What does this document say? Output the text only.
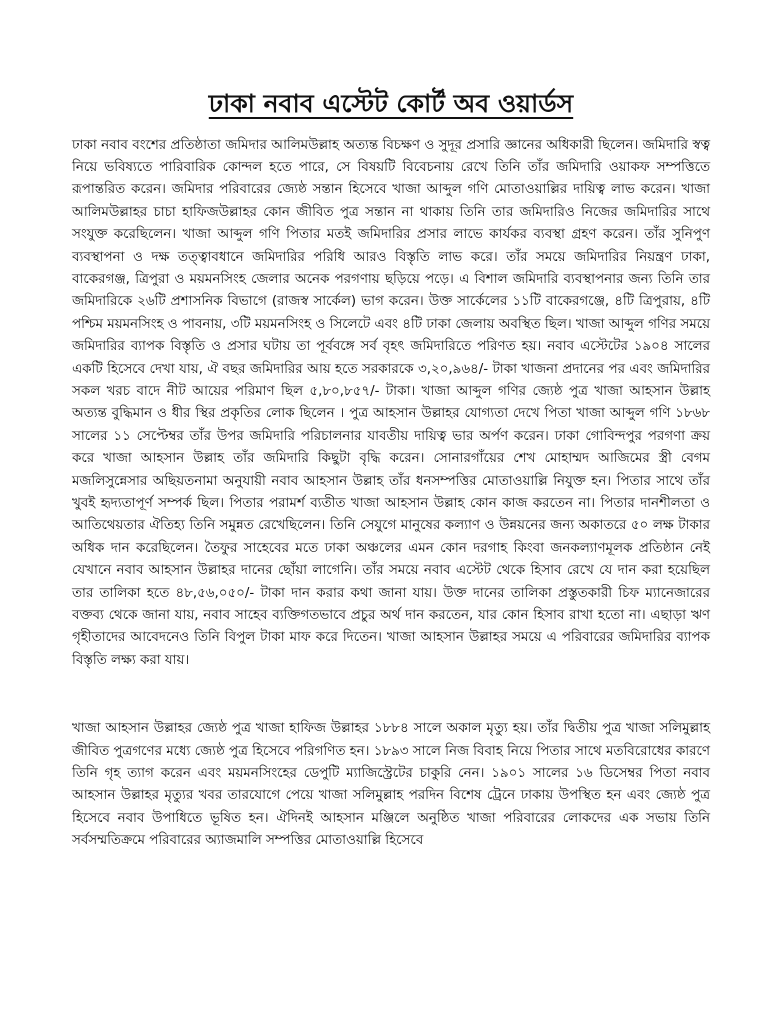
ঢাকা নবাব এস্টেট কোর্ট অব ওয়ার্ডস

ঢাকা নবাব বংশের প্রতিষ্ঠাতা জমিদার আলিমউল্লাহ অত্যন্ত বিচক্ষণ ও সুদূর প্রসারি জ্ঞানের অধিকারী ছিলেন। জমিদারি স্বত্ব নিয়ে ভবিষ্যতে পারিবারিক কোন্দল হতে পারে, সে বিষয়টি বিবেচনায় রেখে তিনি তাঁর জমিদারি ওয়াকফ সম্পত্তিতে রূপান্তরিত করেন। জমিদার পরিবারের জ্যেষ্ঠ সন্তান হিসেবে খাজা আব্দুল গণি মোতাওয়াল্লির দায়িত্ব লাভ করেন। খাজা আলিমউল্লাহর চাচা হাফিজউল্লাহর কোন জীবিত পুত্র সন্তান না থাকায় তিনি তার জমিদারিও নিজের জমিদারির সাথে সংযুক্ত করেছিলেন। খাজা আব্দুল গণি পিতার মতই জমিদারির প্রসার লাভে কার্যকর ব্যবস্থা গ্রহণ করেন। তাঁর সুনিপুণ ব্যবস্থাপনা ও দক্ষ তত্ত্বাবধানে জমিদারির পরিধি আরও বিস্তৃতি লাভ করে। তাঁর সময়ে জমিদারির নিয়ন্ত্রণ ঢাকা, বাকেরগঞ্জ, ত্রিপুরা ও ময়মনসিংহ জেলার অনেক পরগণায় ছড়িয়ে পড়ে। এ বিশাল জমিদারি ব্যবস্থাপনার জন্য তিনি তার জমিদারিকে ২৬টি প্রশাসনিক বিভাগে (রাজস্ব সার্কেল) ভাগ করেন। উক্ত সার্কেলের ১১টি বাকেরগঞ্জে, ৪টি ত্রিপুরায়, ৪টি পশ্চিম ময়মনসিংহ ও পাবনায়, ৩টি ময়মনসিংহ ও সিলেটে এবং ৪টি ঢাকা জেলায় অবস্থিত ছিল। খাজা আব্দুল গণির সময়ে জমিদারির ব্যাপক বিস্তৃতি ও প্রসার ঘটায় তা পূর্ববঙ্গে সর্ব বৃহৎ জমিদারিতে পরিণত হয়। নবাব এস্টেটের ১৯০৪ সালের একটি হিসেবে দেখা যায়, ঐ বছর জমিদারির আয় হতে সরকারকে ৩,২০,৯৬৪/- টাকা খাজনা প্রদানের পর এবং জমিদারির সকল খরচ বাদে নীট আয়ের পরিমাণ ছিল ৫,৮০,৮৫৭/- টাকা। খাজা আব্দুল গণির জ্যেষ্ঠ পুত্র খাজা আহসান উল্লাহ অত্যন্ত বুদ্ধিমান ও ধীর স্থির প্রকৃতির লোক ছিলেন । পুত্র আহসান উল্লাহর যোগ্যতা দেখে পিতা খাজা আব্দুল গণি ১৮৬৮ সালের ১১ সেপ্টেম্বর তাঁর উপর জমিদারি পরিচালনার যাবতীয় দায়িত্ব ভার অর্পণ করেন। ঢাকা গোবিন্দপুর পরগণা ক্রয় করে খাজা আহসান উল্লাহ তাঁর জমিদারি কিছুটা বৃদ্ধি করেন। সোনারগাঁয়ের শেখ মোহাম্মদ আজিমের স্ত্রী বেগম মজলিসুন্নেসার অছিয়তনামা অনুযায়ী নবাব আহসান উল্লাহ তাঁর ধনসম্পত্তির মোতাওয়াল্লি নিযুক্ত হন। পিতার সাথে তাঁর খুবই হৃদ্যতাপূর্ণ সম্পর্ক ছিল। পিতার পরামর্শ ব্যতীত খাজা আহসান উল্লাহ কোন কাজ করতেন না। পিতার দানশীলতা ও আতিথেয়তার ঐতিহ্য তিনি সমুন্নত রেখেছিলেন। তিনি সেযুগে মানুষের কল্যাণ ও উন্নয়নের জন্য অকাতরে ৫০ লক্ষ টাকার অধিক দান করেছিলেন। তৈফুর সাহেবের মতে ঢাকা অঞ্চলের এমন কোন দরগাহ কিংবা জনকল্যাণমূলক প্রতিষ্ঠান নেই যেখানে নবাব আহসান উল্লাহর দানের ছোঁয়া লাগেনি। তাঁর সময়ে নবাব এস্টেট থেকে হিসাব রেখে যে দান করা হয়েছিল তার তালিকা হতে ৪৮,৫৬,০৫০/- টাকা দান করার কথা জানা যায়। উক্ত দানের তালিকা প্রস্তুতকারী চিফ ম্যানেজারের বক্তব্য থেকে জানা যায়, নবাব সাহেব ব্যক্তিগতভাবে প্রচুর অর্থ দান করতেন, যার কোন হিসাব রাখা হতো না। এছাড়া ঋণ গৃহীতাদের আবেদনেও তিনি বিপুল টাকা মাফ করে দিতেন। খাজা আহসান উল্লাহর সময়ে এ পরিবারের জমিদারির ব্যাপক বিস্তৃতি লক্ষ্য করা যায়।

খাজা আহসান উল্লাহর জ্যেষ্ঠ পুত্র খাজা হাফিজ উল্লাহর ১৮৮৪ সালে অকাল মৃত্যু হয়। তাঁর দ্বিতীয় পুত্র খাজা সলিমুল্লাহ জীবিত পুত্রগণের মধ্যে জ্যেষ্ঠ পুত্র হিসেবে পরিগণিত হন। ১৮৯৩ সালে নিজ বিবাহ নিয়ে পিতার সাথে মতবিরোধের কারণে তিনি গৃহ ত্যাগ করেন এবং ময়মনসিংহের ডেপুটি ম্যাজিস্ট্রেটের চাকুরি নেন। ১৯০১ সালের ১৬ ডিসেম্বর পিতা নবাব আহসান উল্লাহর মৃত্যুর খবর তারযোগে পেয়ে খাজা সলিমুল্লাহ পরদিন বিশেষ ট্রেনে ঢাকায় উপস্থিত হন এবং জ্যেষ্ঠ পুত্র হিসেবে নবাব উপাধিতে ভূষিত হন। ঐদিনই আহসান মঞ্জিলে অনুষ্ঠিত খাজা পরিবারের লোকদের এক সভায় তিনি সর্বসম্মতিক্রমে পরিবারের অ্যাজমালি সম্পত্তির মোতাওয়াল্লি হিসেবে
